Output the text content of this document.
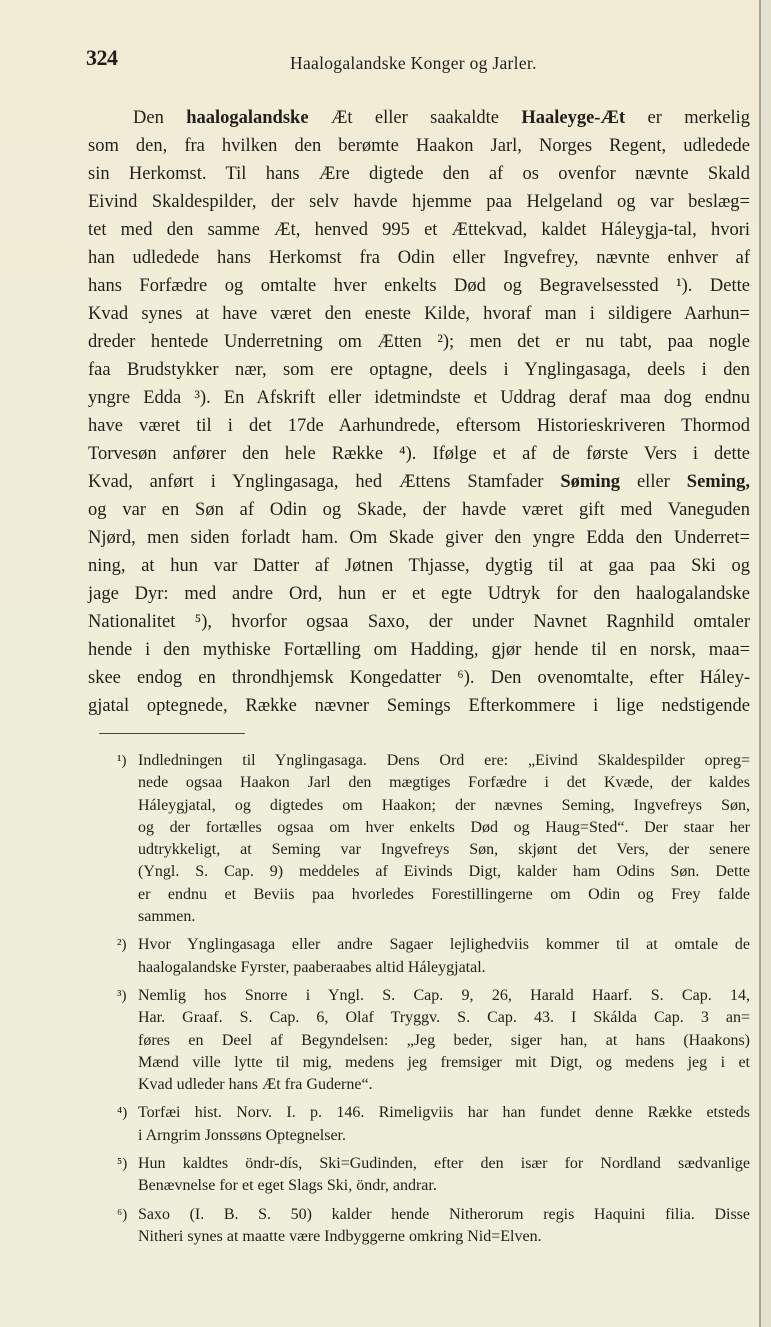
324	Haalogalandske Konger og Jarler.
Den haalogalandske Æt eller saakaldte Haaleyge-Æt er merkelig
som den, fra hvilken den berømte Haakon Jarl, Norges Regent, udledede
sin Herkomst. Til hans Ære digtede den af os ovenfor nævnte Skald
Eivind Skaldespilder, der selv havde hjemme paa Helgeland og var beslæg=
tet med den samme Æt, henved 995 et Ættekvad, kaldet Háleygja-tal, hvori
han udledede hans Herkomst fra Odin eller Ingvefrey, nævnte enhver af
hans Forfædre og omtalte hver enkelts Død og Begravelsessted ¹). Dette
Kvad synes at have været den eneste Kilde, hvoraf man i sildigere Aarhun=
dreder hentede Underretning om Ætten ²); men det er nu tabt, paa nogle
faa Brudstykker nær, som ere optagne, deels i Ynglingasaga, deels i den
yngre Edda ³). En Afskrift eller idetmindste et Uddrag deraf maa dog endnu
have været til i det 17de Aarhundrede, eftersom Historieskriveren Thormod
Torvesøn anfører den hele Række ⁴). Ifølge et af de første Vers i dette
Kvad, anført i Ynglingasaga, hed Ættens Stamfader Søming eller Seming,
og var en Søn af Odin og Skade, der havde været gift med Vaneguden
Njørd, men siden forladt ham. Om Skade giver den yngre Edda den Underret=
ning, at hun var Datter af Jøtnen Thjasse, dygtig til at gaa paa Ski og
jage Dyr: med andre Ord, hun er et egte Udtryk for den haalogalandske
Nationalitet ⁵), hvorfor ogsaa Saxo, der under Navnet Ragnhild omtaler
hende i den mythiske Fortælling om Hadding, gjør hende til en norsk, maa=
skee endog en throndhjemsk Kongedatter ⁶). Den ovenomtalte, efter Háley-
gjatal optegnede, Række nævner Semings Efterkommere i lige nedstigende
¹) Indledningen til Ynglingasaga. Dens Ord ere: „Eivind Skaldespilder opreg=
nede ogsaa Haakon Jarl den mægtiges Forfædre i det Kvæde, der kaldes
Háleygjatal, og digtedes om Haakon; der nævnes Seming, Ingvefreys Søn,
og der fortælles ogsaa om hver enkelts Død og Haug=Sted“. Der staar her
udtrykkeligt, at Seming var Ingvefreys Søn, skjønt det Vers, der senere
(Yngl. S. Cap. 9) meddeles af Eivinds Digt, kalder ham Odins Søn. Dette
er endnu et Beviis paa hvorledes Forestillingerne om Odin og Frey falde
sammen.
²) Hvor Ynglingasaga eller andre Sagaer lejlighedviis kommer til at omtale de
haalogalandske Fyrster, paaberaabes altid Háleygjatal.
³) Nemlig hos Snorre i Yngl. S. Cap. 9, 26, Harald Haarf. S. Cap. 14,
Har. Graaf. S. Cap. 6, Olaf Tryggv. S. Cap. 43. I Skálda Cap. 3 an=
føres en Deel af Begyndelsen: „Jeg beder, siger han, at hans (Haakons)
Mænd ville lytte til mig, medens jeg fremsiger mit Digt, og medens jeg i et
Kvad udleder hans Æt fra Guderne“.
⁴) Torfæi hist. Norv. I. p. 146. Rimeligviis har han fundet denne Række etsteds
i Arngrim Jonssøns Optegnelser.
⁵) Hun kaldtes öndr-dís, Ski=Gudinden, efter den især for Nordland sædvanlige
Benævnelse for et eget Slags Ski, öndr, andrar.
⁶) Saxo (I. B. S. 50) kalder hende Nitherorum regis Haquini filia. Disse
Nitheri synes at maatte være Indbyggerne omkring Nid=Elven.
